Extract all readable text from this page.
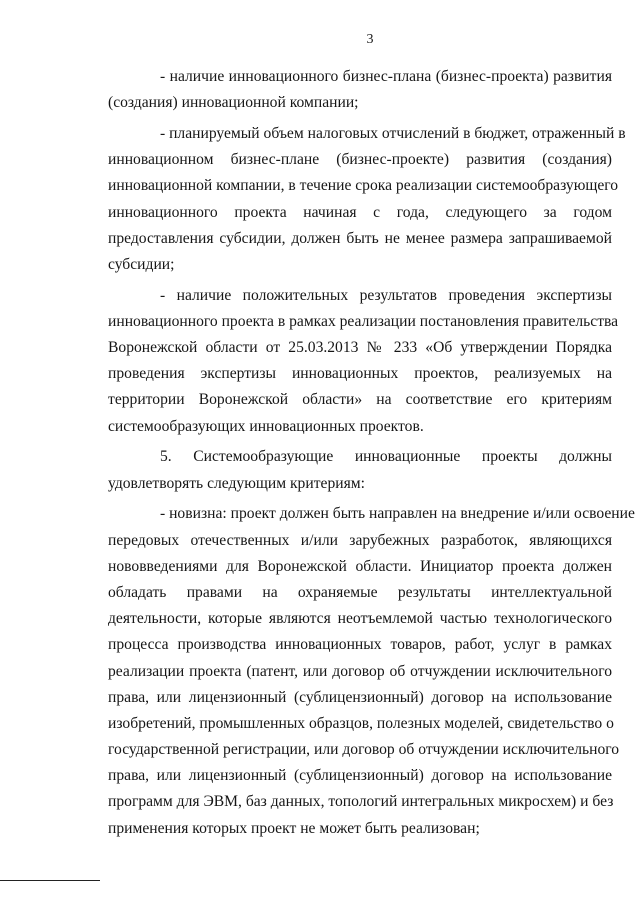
3
- наличие инновационного бизнес-плана (бизнес-проекта) развития
(создания) инновационной компании;
- планируемый объем налоговых отчислений в бюджет, отраженный в
инновационном бизнес-плане (бизнес-проекте) развития (создания)
инновационной компании, в течение срока реализации системообразующего
инновационного проекта начиная с года, следующего за годом
предоставления субсидии, должен быть не менее размера запрашиваемой
субсидии;
- наличие положительных результатов проведения экспертизы
инновационного проекта в рамках реализации постановления правительства
Воронежской области от 25.03.2013 № 233 «Об утверждении Порядка
проведения экспертизы инновационных проектов, реализуемых на
территории Воронежской области» на соответствие его критериям
системообразующих инновационных проектов.
5. Системообразующие инновационные проекты должны
удовлетворять следующим критериям:
- новизна: проект должен быть направлен на внедрение и/или освоение
передовых отечественных и/или зарубежных разработок, являющихся
нововведениями для Воронежской области. Инициатор проекта должен
обладать правами на охраняемые результаты интеллектуальной
деятельности, которые являются неотъемлемой частью технологического
процесса производства инновационных товаров, работ, услуг в рамках
реализации проекта (патент, или договор об отчуждении исключительного
права, или лицензионный (сублицензионный) договор на использование
изобретений, промышленных образцов, полезных моделей, свидетельство о
государственной регистрации, или договор об отчуждении исключительного
права, или лицензионный (сублицензионный) договор на использование
программ для ЭВМ, баз данных, топологий интегральных микросхем) и без
применения которых проект не может быть реализован;
